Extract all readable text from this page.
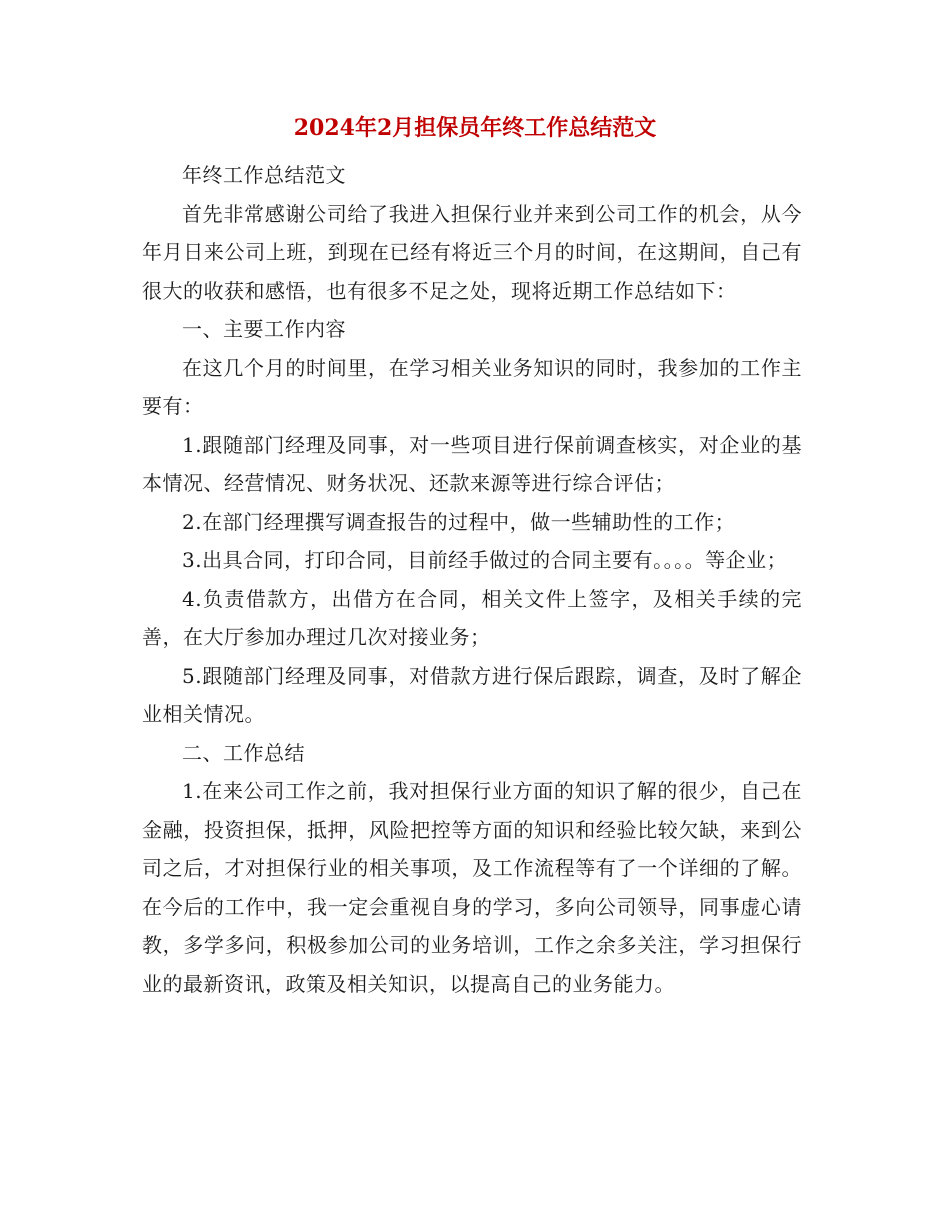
2024年2月担保员年终工作总结范文

年终工作总结范文

首先非常感谢公司给了我进入担保行业并来到公司工作的机会，从今年月日来公司上班，到现在已经有将近三个月的时间，在这期间，自己有很大的收获和感悟，也有很多不足之处，现将近期工作总结如下：

一、主要工作内容

在这几个月的时间里，在学习相关业务知识的同时，我参加的工作主要有：

1.跟随部门经理及同事，对一些项目进行保前调查核实，对企业的基本情况、经营情况、财务状况、还款来源等进行综合评估；

2.在部门经理撰写调查报告的过程中，做一些辅助性的工作；

3.出具合同，打印合同，目前经手做过的合同主要有。。。。等企业；

4.负责借款方，出借方在合同，相关文件上签字，及相关手续的完善，在大厅参加办理过几次对接业务；

5.跟随部门经理及同事，对借款方进行保后跟踪，调查，及时了解企业相关情况。

二、工作总结

1.在来公司工作之前，我对担保行业方面的知识了解的很少，自己在金融，投资担保，抵押，风险把控等方面的知识和经验比较欠缺，来到公司之后，才对担保行业的相关事项，及工作流程等有了一个详细的了解。在今后的工作中，我一定会重视自身的学习，多向公司领导，同事虚心请教，多学多问，积极参加公司的业务培训，工作之余多关注，学习担保行业的最新资讯，政策及相关知识，以提高自己的业务能力。
